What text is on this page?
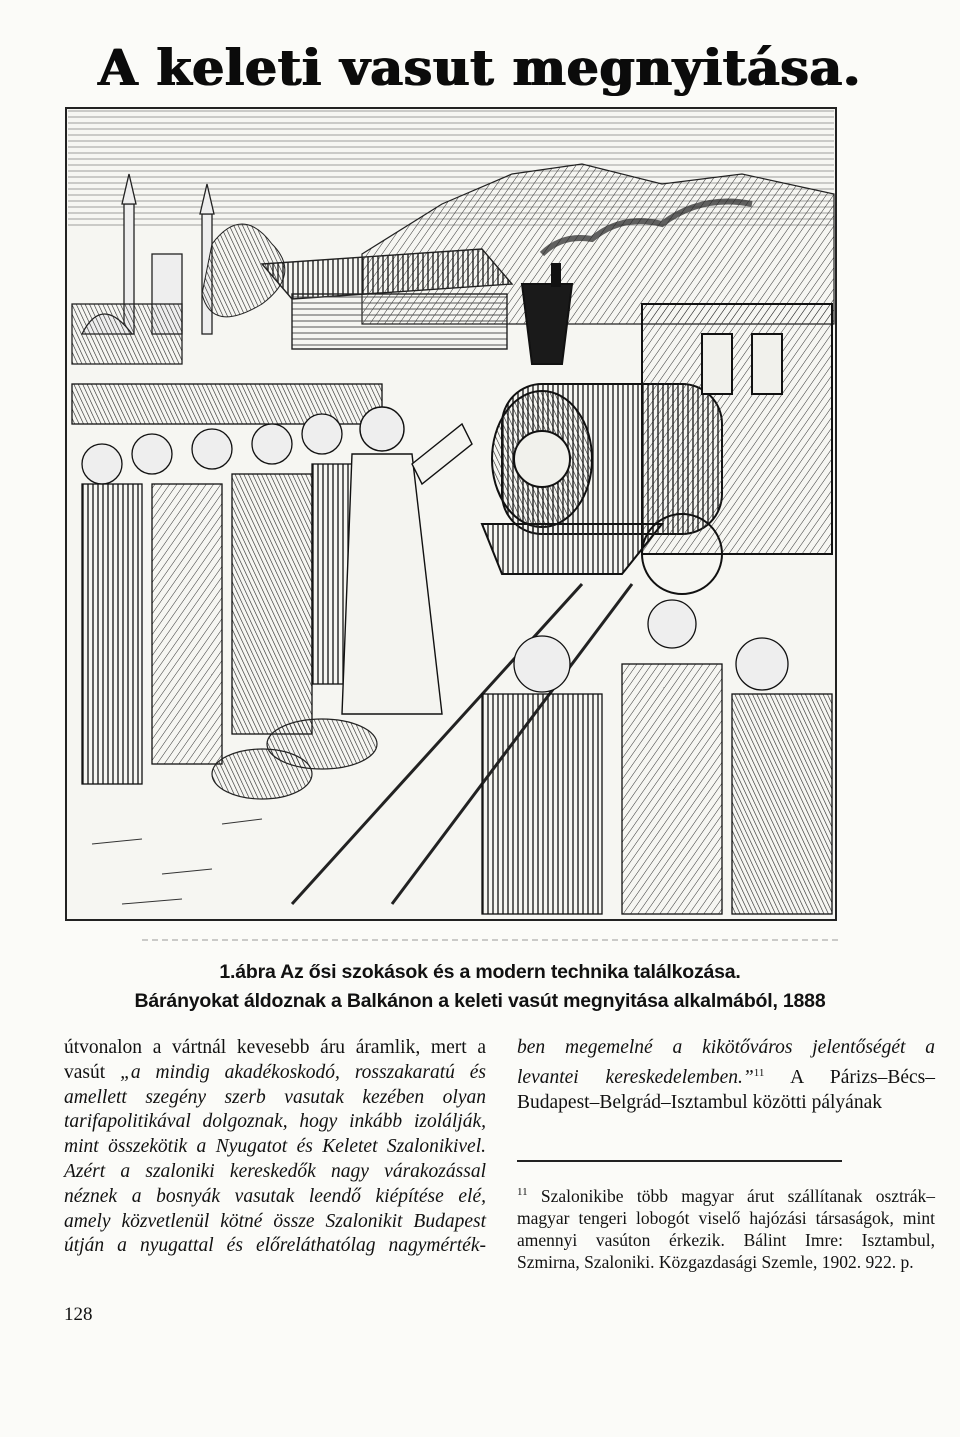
A keleti vasut megnyitása.
1.ábra Az ősi szokások és a modern technika találkozása.
Bárányokat áldoznak a Balkánon a keleti vasút megnyitása alkalmából, 1888
útvonalon a vártnál kevesebb áru áramlik, mert a
vasút „a mindig akadékoskodó, rosszakaratú és
amellett szegény szerb vasutak kezében olyan
tarifapolitikával dolgoznak, hogy inkább izolálják,
mint összekötik a Nyugatot és Keletet Szalonikivel.
Azért a szaloniki kereskedők nagy várakozással
néznek a bosnyák vasutak leendő kiépítése elé,
amely közvetlenül kötné össze Szalonikit Budapest
útján a nyugattal és előreláthatólag nagymérték-
ben megemelné a kikötőváros jelentőségét a
levantei kereskedelemben.”$^{11}$ A Párizs–Bécs–
Budapest–Belgrád–Isztambul közötti pályának
$^{11}$ Szalonikibe több magyar árut szállítanak osztrák–
magyar tengeri lobogót viselő hajózási társaságok, mint
amennyi vasúton érkezik. Bálint Imre: Isztambul,
Szmirna, Szaloniki. Közgazdasági Szemle, 1902. 922. p.
128
